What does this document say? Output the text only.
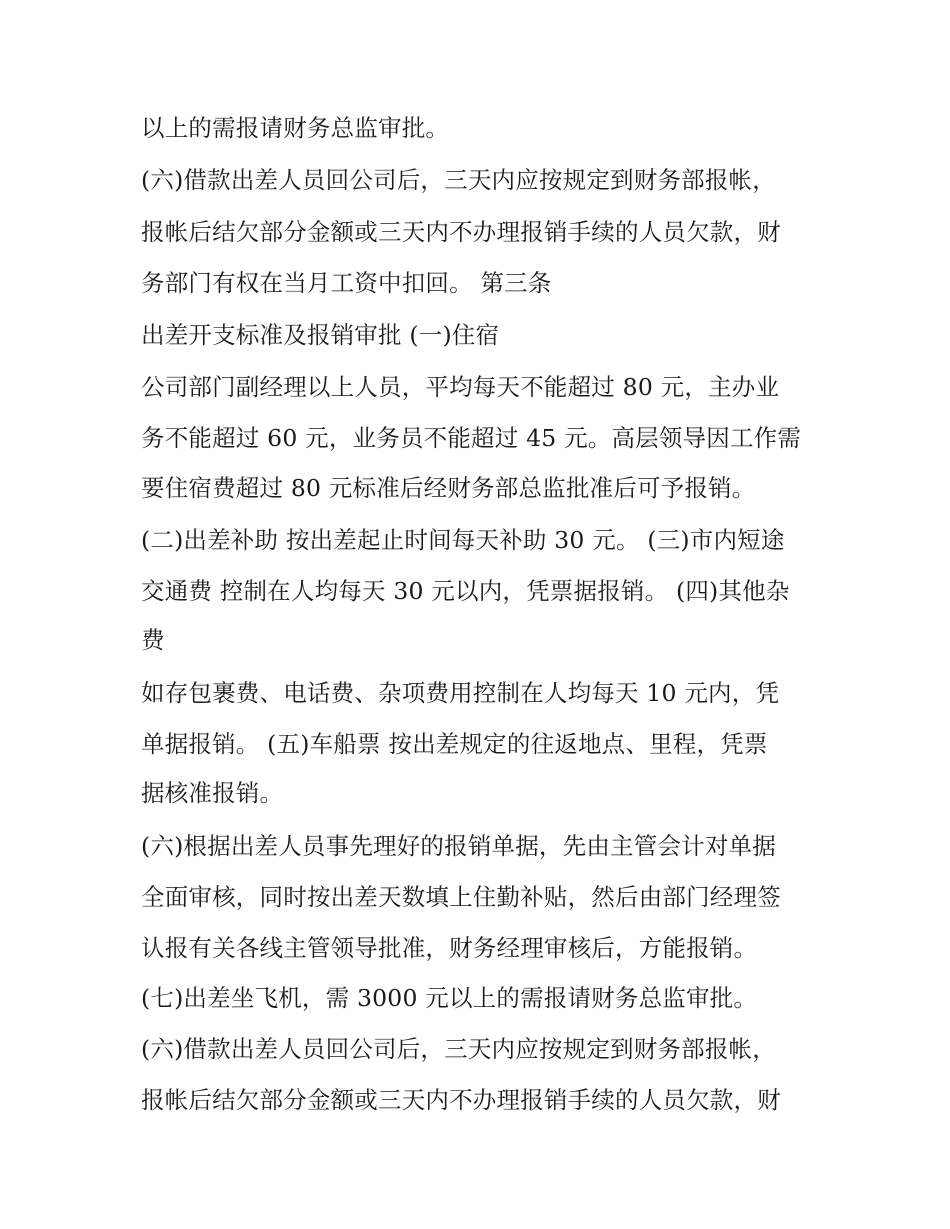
以上的需报请财务总监审批。
(六)借款出差人员回公司后，三天内应按规定到财务部报帐，
报帐后结欠部分金额或三天内不办理报销手续的人员欠款，财
务部门有权在当月工资中扣回。 第三条
出差开支标准及报销审批 (一)住宿
公司部门副经理以上人员，平均每天不能超过 80 元，主办业
务不能超过 60 元，业务员不能超过 45 元。高层领导因工作需
要住宿费超过 80 元标准后经财务部总监批准后可予报销。
(二)出差补助 按出差起止时间每天补助 30 元。 (三)市内短途
交通费 控制在人均每天 30 元以内，凭票据报销。 (四)其他杂
费
如存包裹费、电话费、杂项费用控制在人均每天 10 元内，凭
单据报销。 (五)车船票 按出差规定的往返地点、里程，凭票
据核准报销。
(六)根据出差人员事先理好的报销单据，先由主管会计对单据
全面审核，同时按出差天数填上住勤补贴，然后由部门经理签
认报有关各线主管领导批准，财务经理审核后，方能报销。
(七)出差坐飞机，需 3000 元以上的需报请财务总监审批。
(六)借款出差人员回公司后，三天内应按规定到财务部报帐，
报帐后结欠部分金额或三天内不办理报销手续的人员欠款，财
